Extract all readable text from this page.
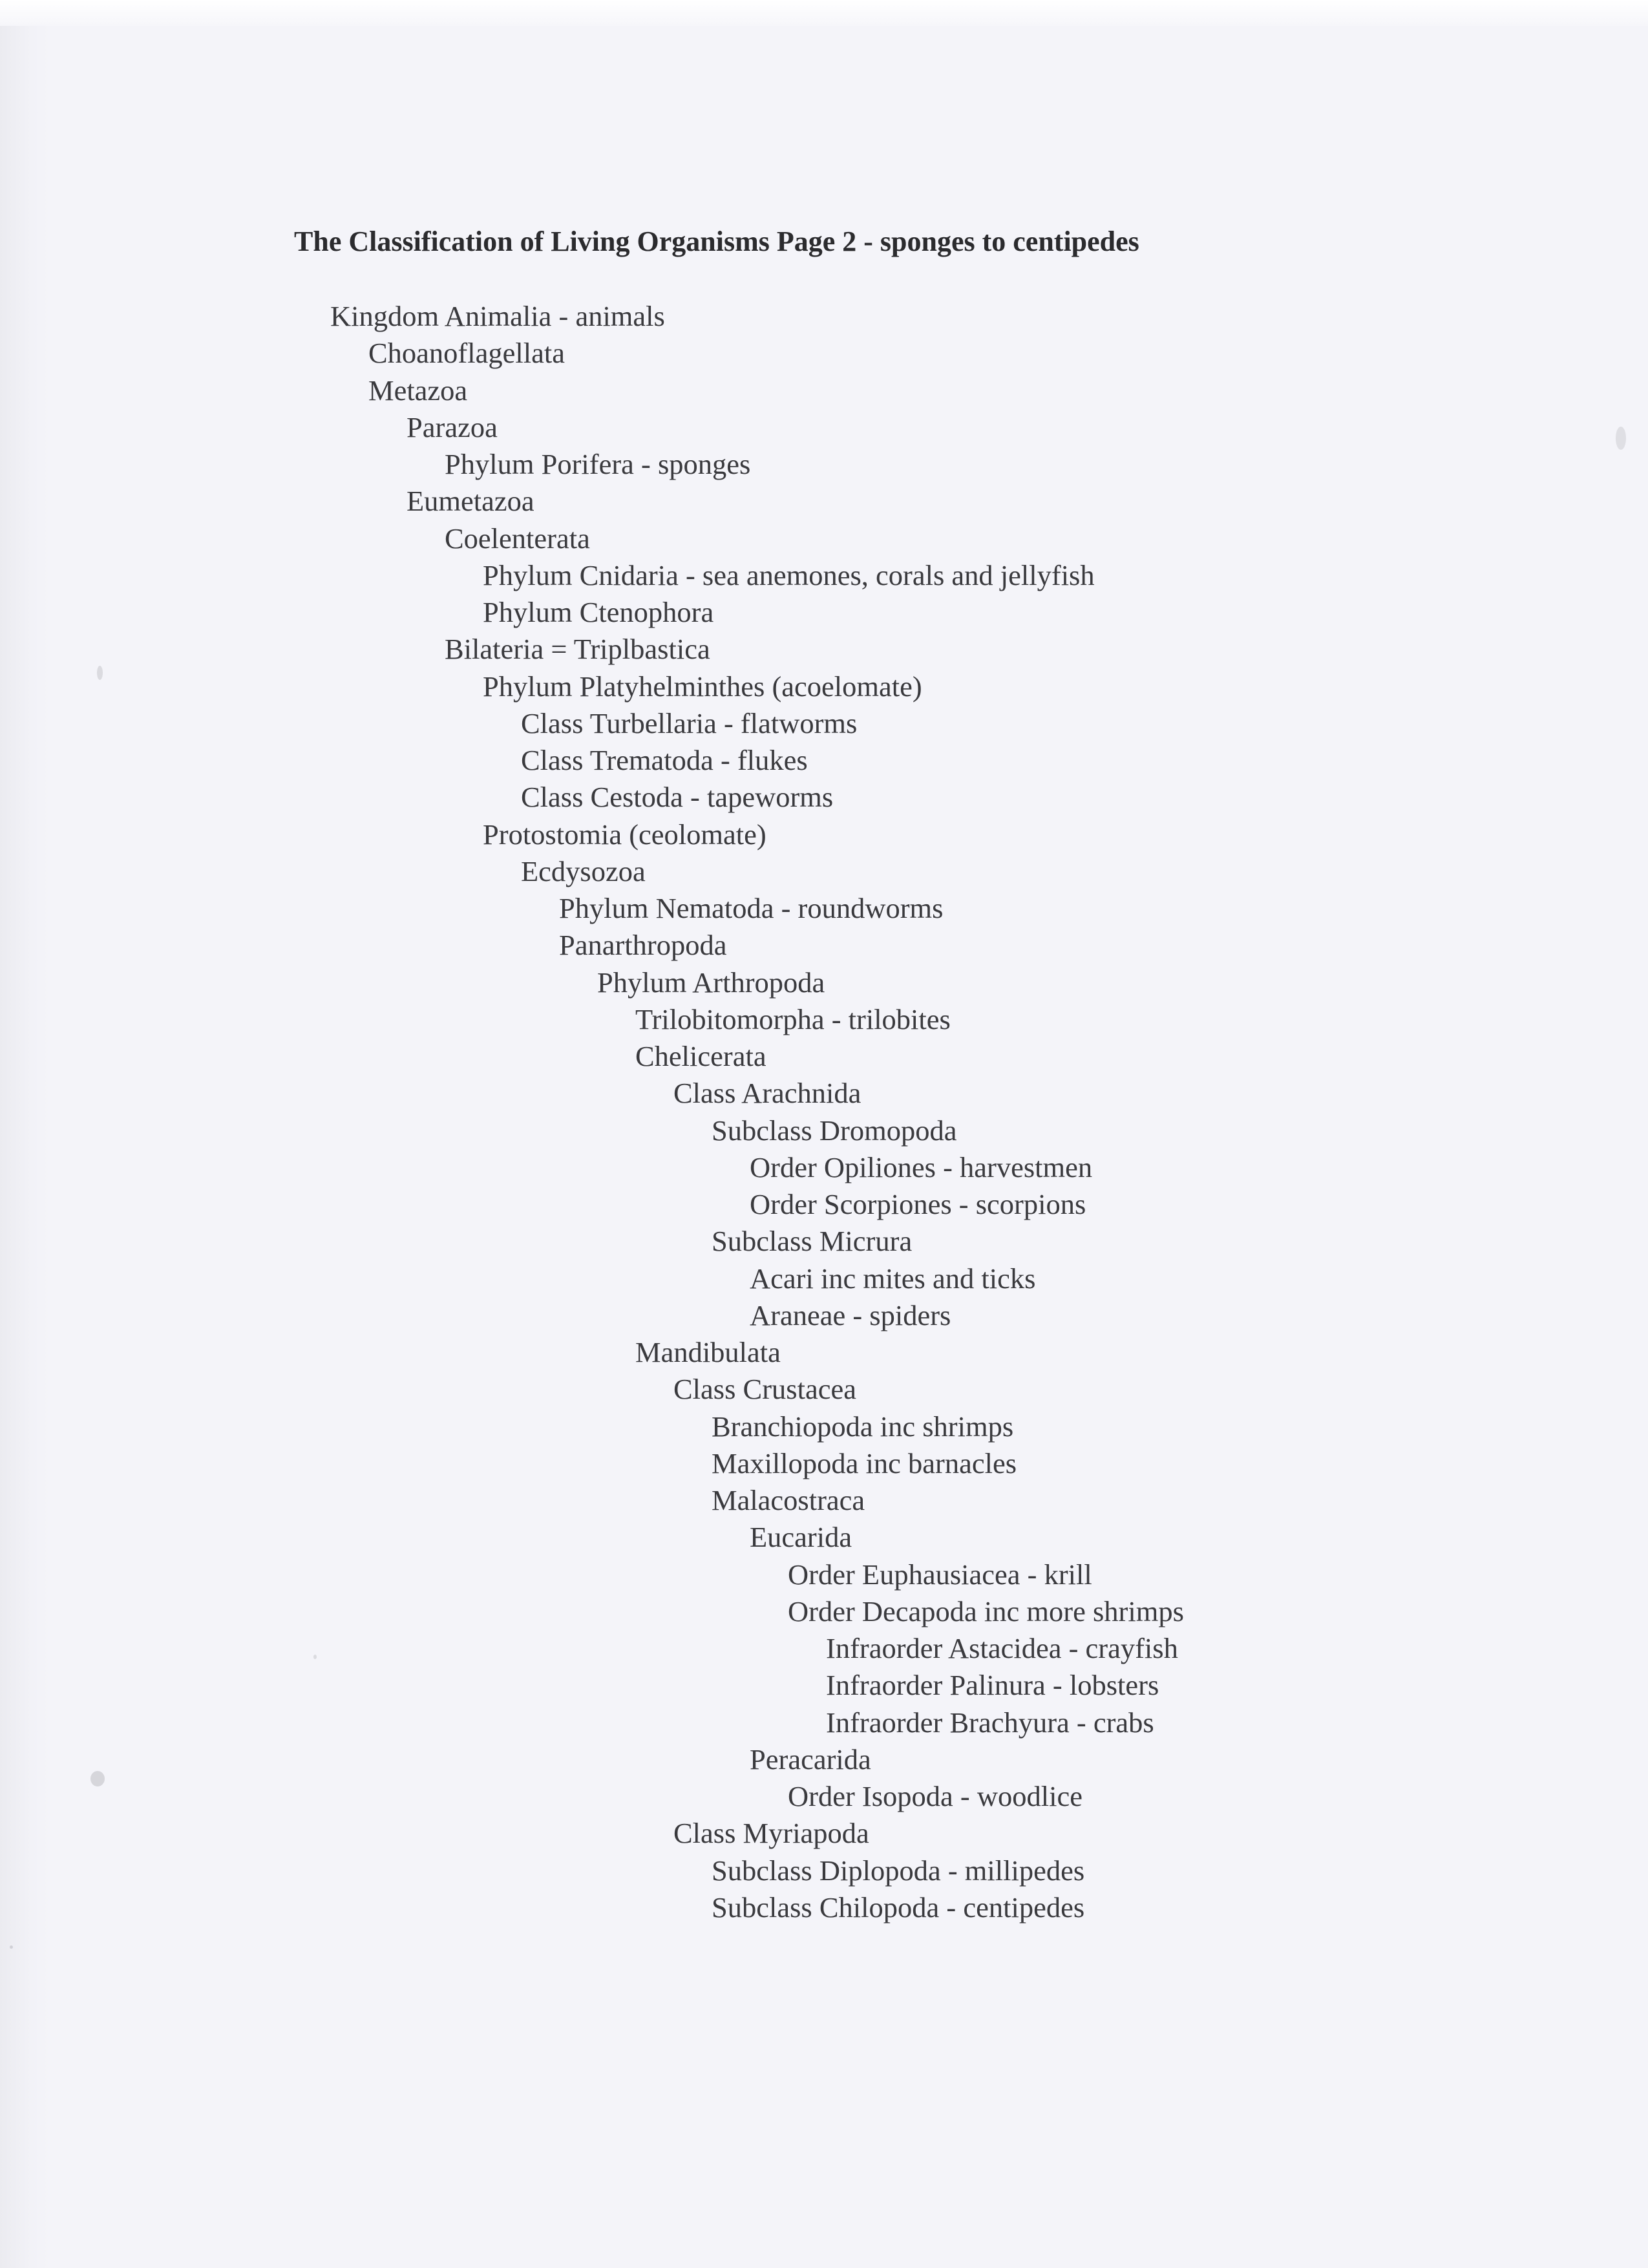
The Classification of Living Organisms Page 2 - sponges to centipedes
Kingdom Animalia - animals
Choanoflagellata
Metazoa
Parazoa
Phylum Porifera - sponges
Eumetazoa
Coelenterata
Phylum Cnidaria - sea anemones, corals and jellyfish
Phylum Ctenophora
Bilateria = Triplbastica
Phylum Platyhelminthes (acoelomate)
Class Turbellaria - flatworms
Class Trematoda - flukes
Class Cestoda - tapeworms
Protostomia (ceolomate)
Ecdysozoa
Phylum Nematoda - roundworms
Panarthropoda
Phylum Arthropoda
Trilobitomorpha - trilobites
Chelicerata
Class Arachnida
Subclass Dromopoda
Order Opiliones - harvestmen
Order Scorpiones - scorpions
Subclass Micrura
Acari inc mites and ticks
Araneae - spiders
Mandibulata
Class Crustacea
Branchiopoda inc shrimps
Maxillopoda inc barnacles
Malacostraca
Eucarida
Order Euphausiacea - krill
Order Decapoda inc more shrimps
Infraorder Astacidea - crayfish
Infraorder Palinura - lobsters
Infraorder Brachyura - crabs
Peracarida
Order Isopoda - woodlice
Class Myriapoda
Subclass Diplopoda - millipedes
Subclass Chilopoda - centipedes
